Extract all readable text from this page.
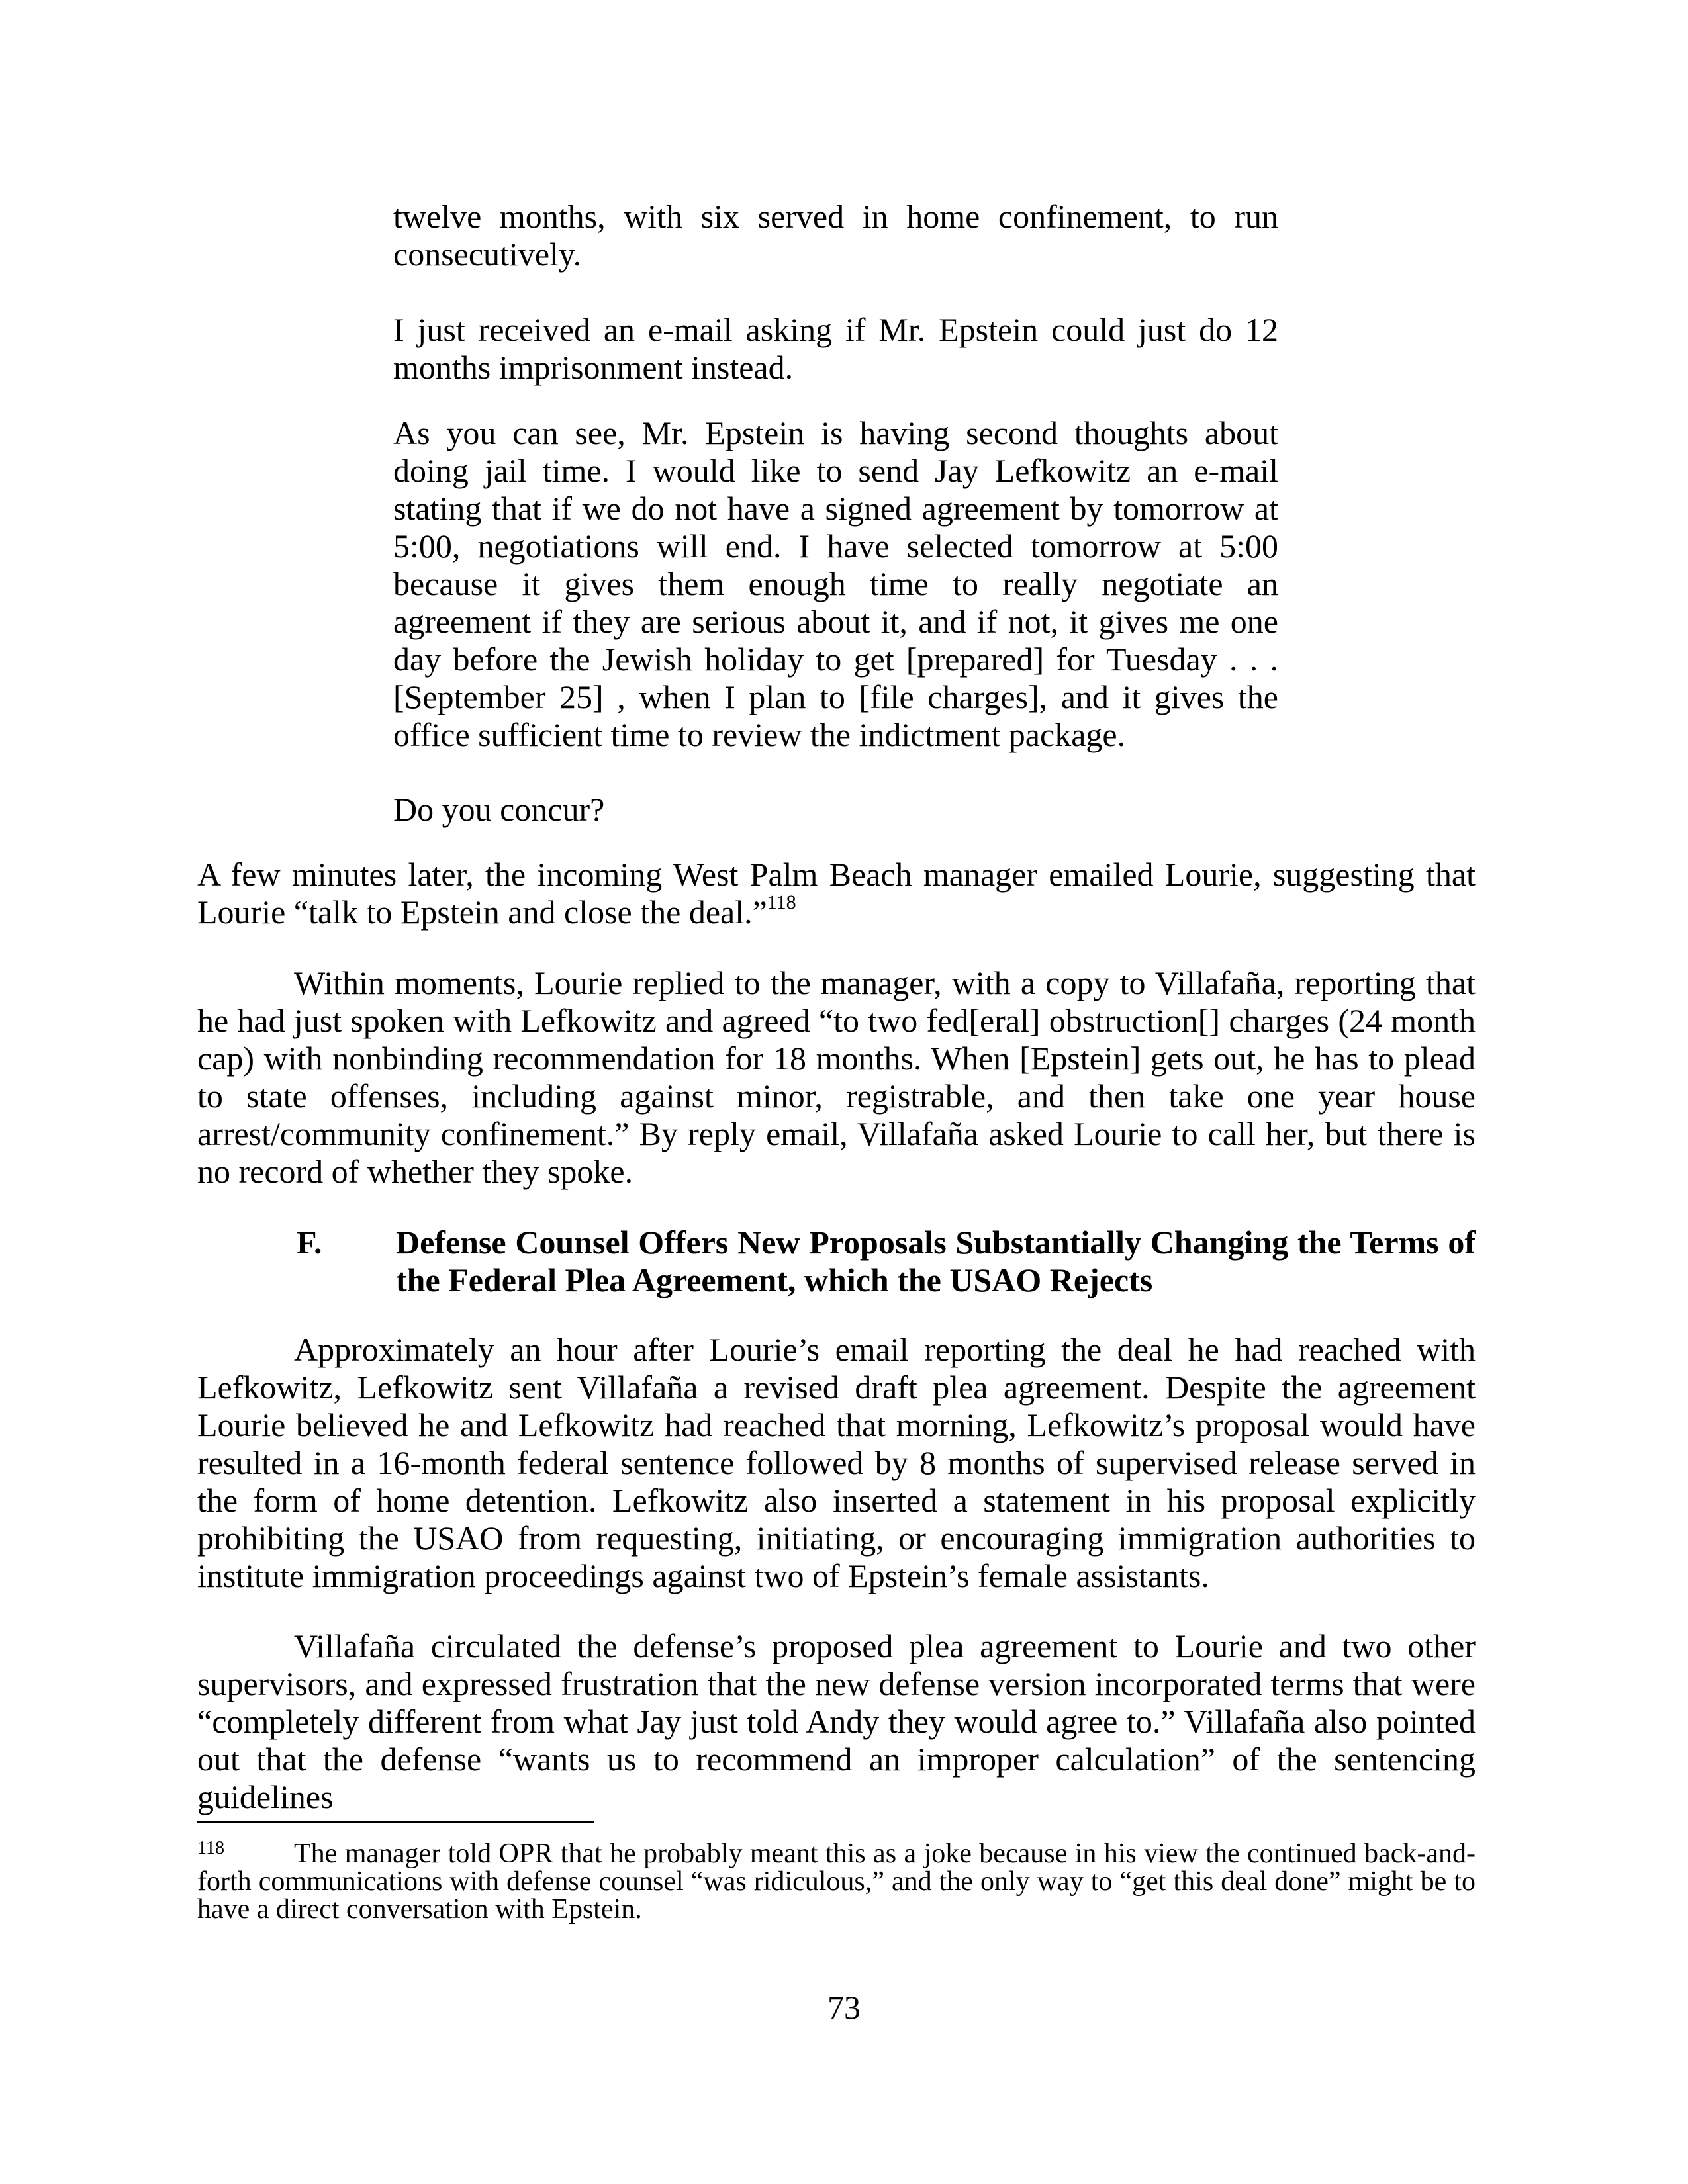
twelve months, with six served in home confinement, to run consecutively.

I just received an e-mail asking if Mr. Epstein could just do 12 months imprisonment instead.

As you can see, Mr. Epstein is having second thoughts about doing jail time. I would like to send Jay Lefkowitz an e-mail stating that if we do not have a signed agreement by tomorrow at 5:00, negotiations will end. I have selected tomorrow at 5:00 because it gives them enough time to really negotiate an agreement if they are serious about it, and if not, it gives me one day before the Jewish holiday to get [prepared] for Tuesday . . . [September 25] , when I plan to [file charges], and it gives the office sufficient time to review the indictment package.

Do you concur?

A few minutes later, the incoming West Palm Beach manager emailed Lourie, suggesting that Lourie “talk to Epstein and close the deal.”$^{118}$

Within moments, Lourie replied to the manager, with a copy to Villafaña, reporting that he had just spoken with Lefkowitz and agreed “to two fed[eral] obstruction[] charges (24 month cap) with nonbinding recommendation for 18 months. When [Epstein] gets out, he has to plead to state offenses, including against minor, registrable, and then take one year house arrest/community confinement.” By reply email, Villafaña asked Lourie to call her, but there is no record of whether they spoke.

F. Defense Counsel Offers New Proposals Substantially Changing the Terms of the Federal Plea Agreement, which the USAO Rejects

Approximately an hour after Lourie’s email reporting the deal he had reached with Lefkowitz, Lefkowitz sent Villafaña a revised draft plea agreement. Despite the agreement Lourie believed he and Lefkowitz had reached that morning, Lefkowitz’s proposal would have resulted in a 16-month federal sentence followed by 8 months of supervised release served in the form of home detention. Lefkowitz also inserted a statement in his proposal explicitly prohibiting the USAO from requesting, initiating, or encouraging immigration authorities to institute immigration proceedings against two of Epstein’s female assistants.

Villafaña circulated the defense’s proposed plea agreement to Lourie and two other supervisors, and expressed frustration that the new defense version incorporated terms that were “completely different from what Jay just told Andy they would agree to.” Villafaña also pointed out that the defense “wants us to recommend an improper calculation” of the sentencing guidelines

118	The manager told OPR that he probably meant this as a joke because in his view the continued back-and-forth communications with defense counsel “was ridiculous,” and the only way to “get this deal done” might be to have a direct conversation with Epstein.
73
